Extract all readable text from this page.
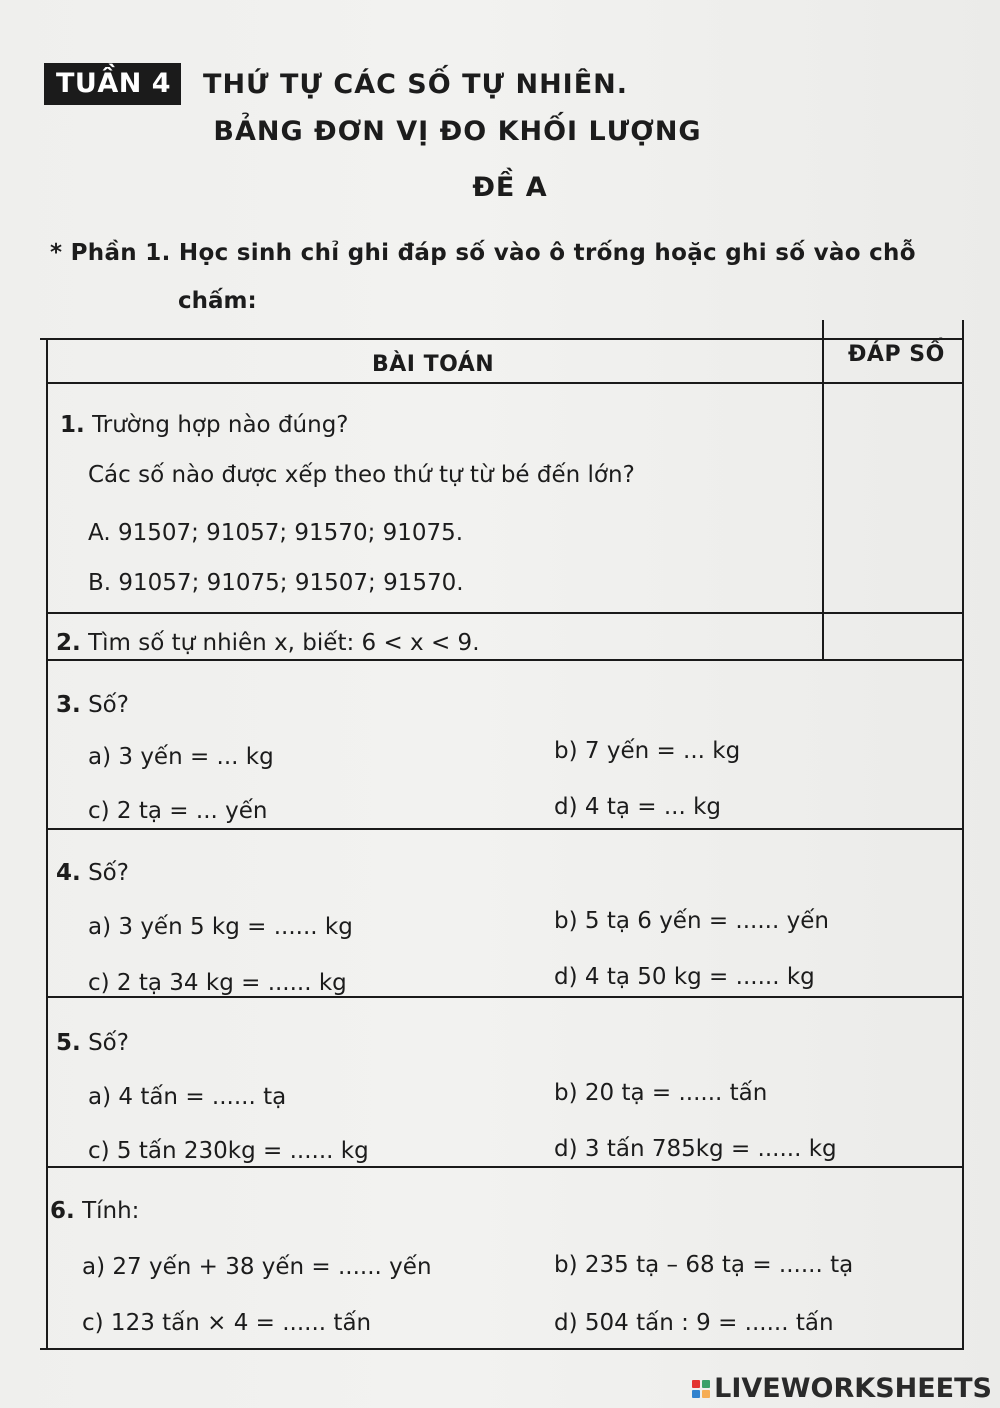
TUẦN 4	THỨ TỰ CÁC SỐ TỰ NHIÊN.
BẢNG ĐƠN VỊ ĐO KHỐI LƯỢNG
ĐỀ A
* Phần 1. Học sinh chỉ ghi đáp số vào ô trống hoặc ghi số vào chỗ
chấm:
BÀI TOÁN	ĐÁP SỐ
1. Trường hợp nào đúng?
Các số nào được xếp theo thứ tự từ bé đến lớn?
A. 91507; 91057; 91570; 91075.
B. 91057; 91075; 91507; 91570.
2. Tìm số tự nhiên x, biết: 6 < x < 9.
3. Số?
a) 3 yến = ... kg	b) 7 yến = ... kg
c) 2 tạ = ... yến	d) 4 tạ = ... kg
4. Số?
a) 3 yến 5 kg = ...... kg	b) 5 tạ 6 yến = ...... yến
c) 2 tạ 34 kg = ...... kg	d) 4 tạ 50 kg = ...... kg
5. Số?
a) 4 tấn = ...... tạ	b) 20 tạ = ...... tấn
c) 5 tấn 230kg = ...... kg	d) 3 tấn 785kg = ...... kg
6. Tính:
a) 27 yến + 38 yến = ...... yến	b) 235 tạ – 68 tạ = ...... tạ
c) 123 tấn × 4 = ...... tấn	d) 504 tấn : 9 = ...... tấn
LIVEWORKSHEETS
